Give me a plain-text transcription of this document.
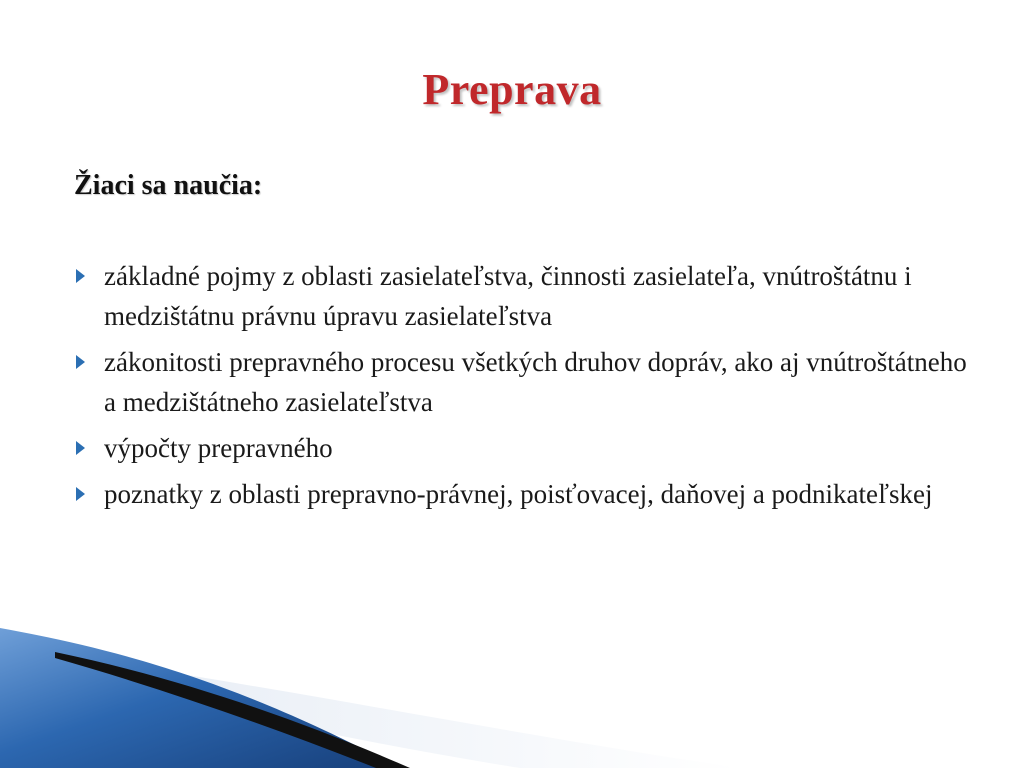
Preprava
Žiaci sa naučia:
základné pojmy z oblasti zasielateľstva, činnosti zasielateľa, vnútroštátnu i medzištátnu právnu úpravu zasielateľstva
zákonitosti prepravného procesu všetkých druhov dopráv, ako aj vnútroštátneho a medzištátneho zasielateľstva
výpočty prepravného
poznatky z oblasti prepravno-právnej, poisťovacej, daňovej a podnikateľskej
